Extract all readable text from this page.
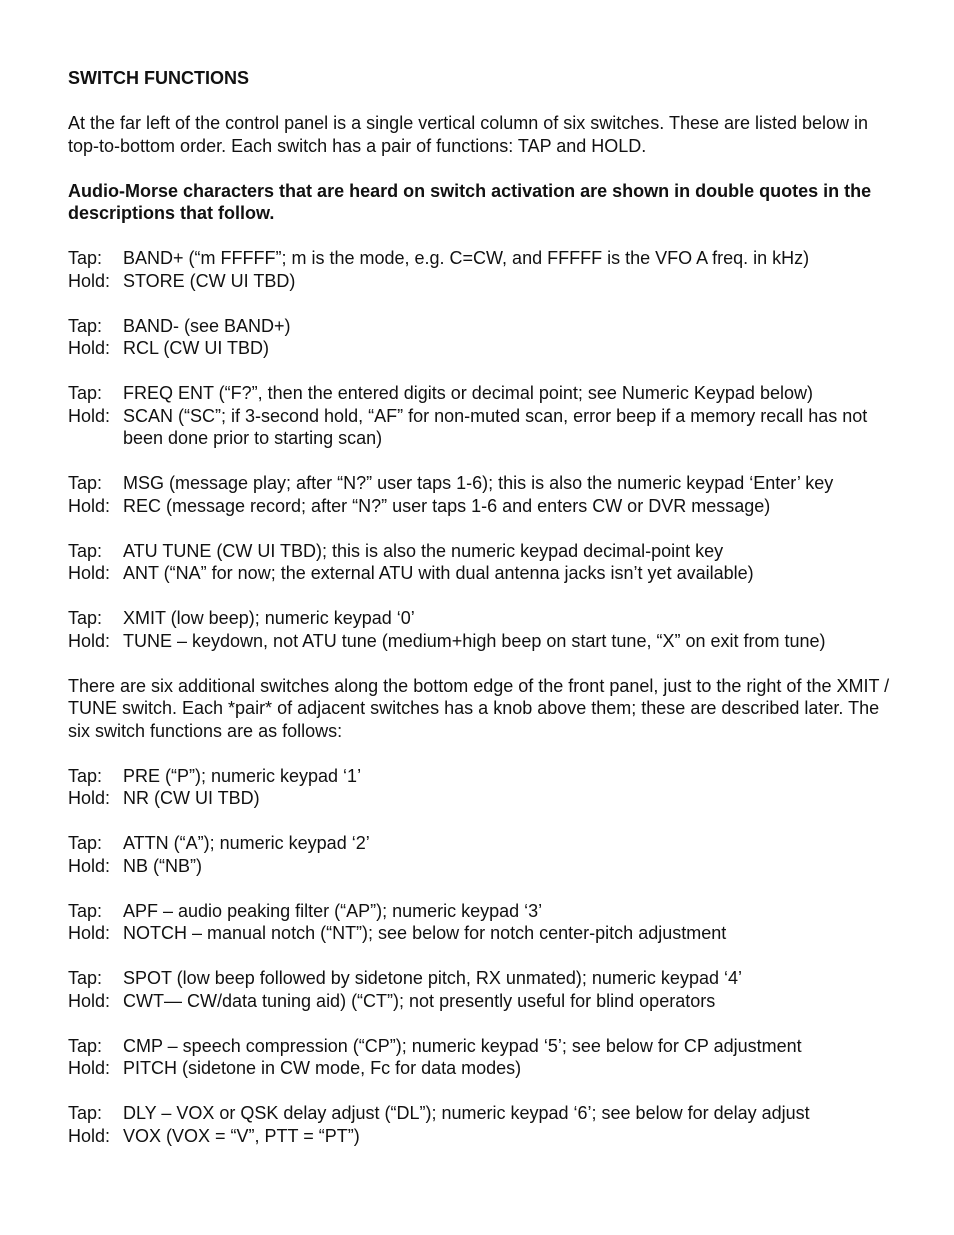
SWITCH FUNCTIONS
At the far left of the control panel is a single vertical column of six switches. These are listed below in top-to-bottom order. Each switch has a pair of functions: TAP and HOLD.
Audio-Morse characters that are heard on switch activation are shown in double quotes in the descriptions that follow.
Tap:	BAND+ (“m FFFFF”; m is the mode, e.g. C=CW, and FFFFF is the VFO A freq. in kHz)
Hold: STORE (CW UI TBD)
Tap:	BAND- (see BAND+)
Hold: RCL (CW UI TBD)
Tap:	FREQ ENT (“F?”, then the entered digits or decimal point; see Numeric Keypad below)
Hold: SCAN (“SC”; if 3-second hold, “AF” for non-muted scan, error beep if a memory recall has not been done prior to starting scan)
Tap:	MSG (message play; after “N?” user taps 1-6); this is also the numeric keypad ‘Enter’ key
Hold: REC (message record; after “N?” user taps 1-6 and enters CW or DVR message)
Tap:	ATU TUNE (CW UI TBD); this is also the numeric keypad decimal-point key
Hold: ANT (“NA” for now; the external ATU with dual antenna jacks isn’t yet available)
Tap:	XMIT (low beep); numeric keypad ‘0’
Hold: TUNE – keydown, not ATU tune (medium+high beep on start tune, “X” on exit from tune)
There are six additional switches along the bottom edge of the front panel, just to the right of the XMIT / TUNE switch. Each *pair* of adjacent switches has a knob above them; these are described later. The six switch functions are as follows:
Tap:	PRE (“P”); numeric keypad ‘1’
Hold: NR (CW UI TBD)
Tap:	ATTN (“A”); numeric keypad ‘2’
Hold: NB (“NB”)
Tap:	APF – audio peaking filter (“AP”); numeric keypad ‘3’
Hold: NOTCH – manual notch (“NT”); see below for notch center-pitch adjustment
Tap:	SPOT (low beep followed by sidetone pitch, RX unmated); numeric keypad ‘4’
Hold: CWT— CW/data tuning aid) (“CT”); not presently useful for blind operators
Tap:	CMP – speech compression (“CP”); numeric keypad ‘5’; see below for CP adjustment
Hold: PITCH (sidetone in CW mode, Fc for data modes)
Tap:	DLY – VOX or QSK delay adjust (“DL”); numeric keypad ‘6’; see below for delay adjust
Hold: VOX (VOX = “V”, PTT = “PT”)
